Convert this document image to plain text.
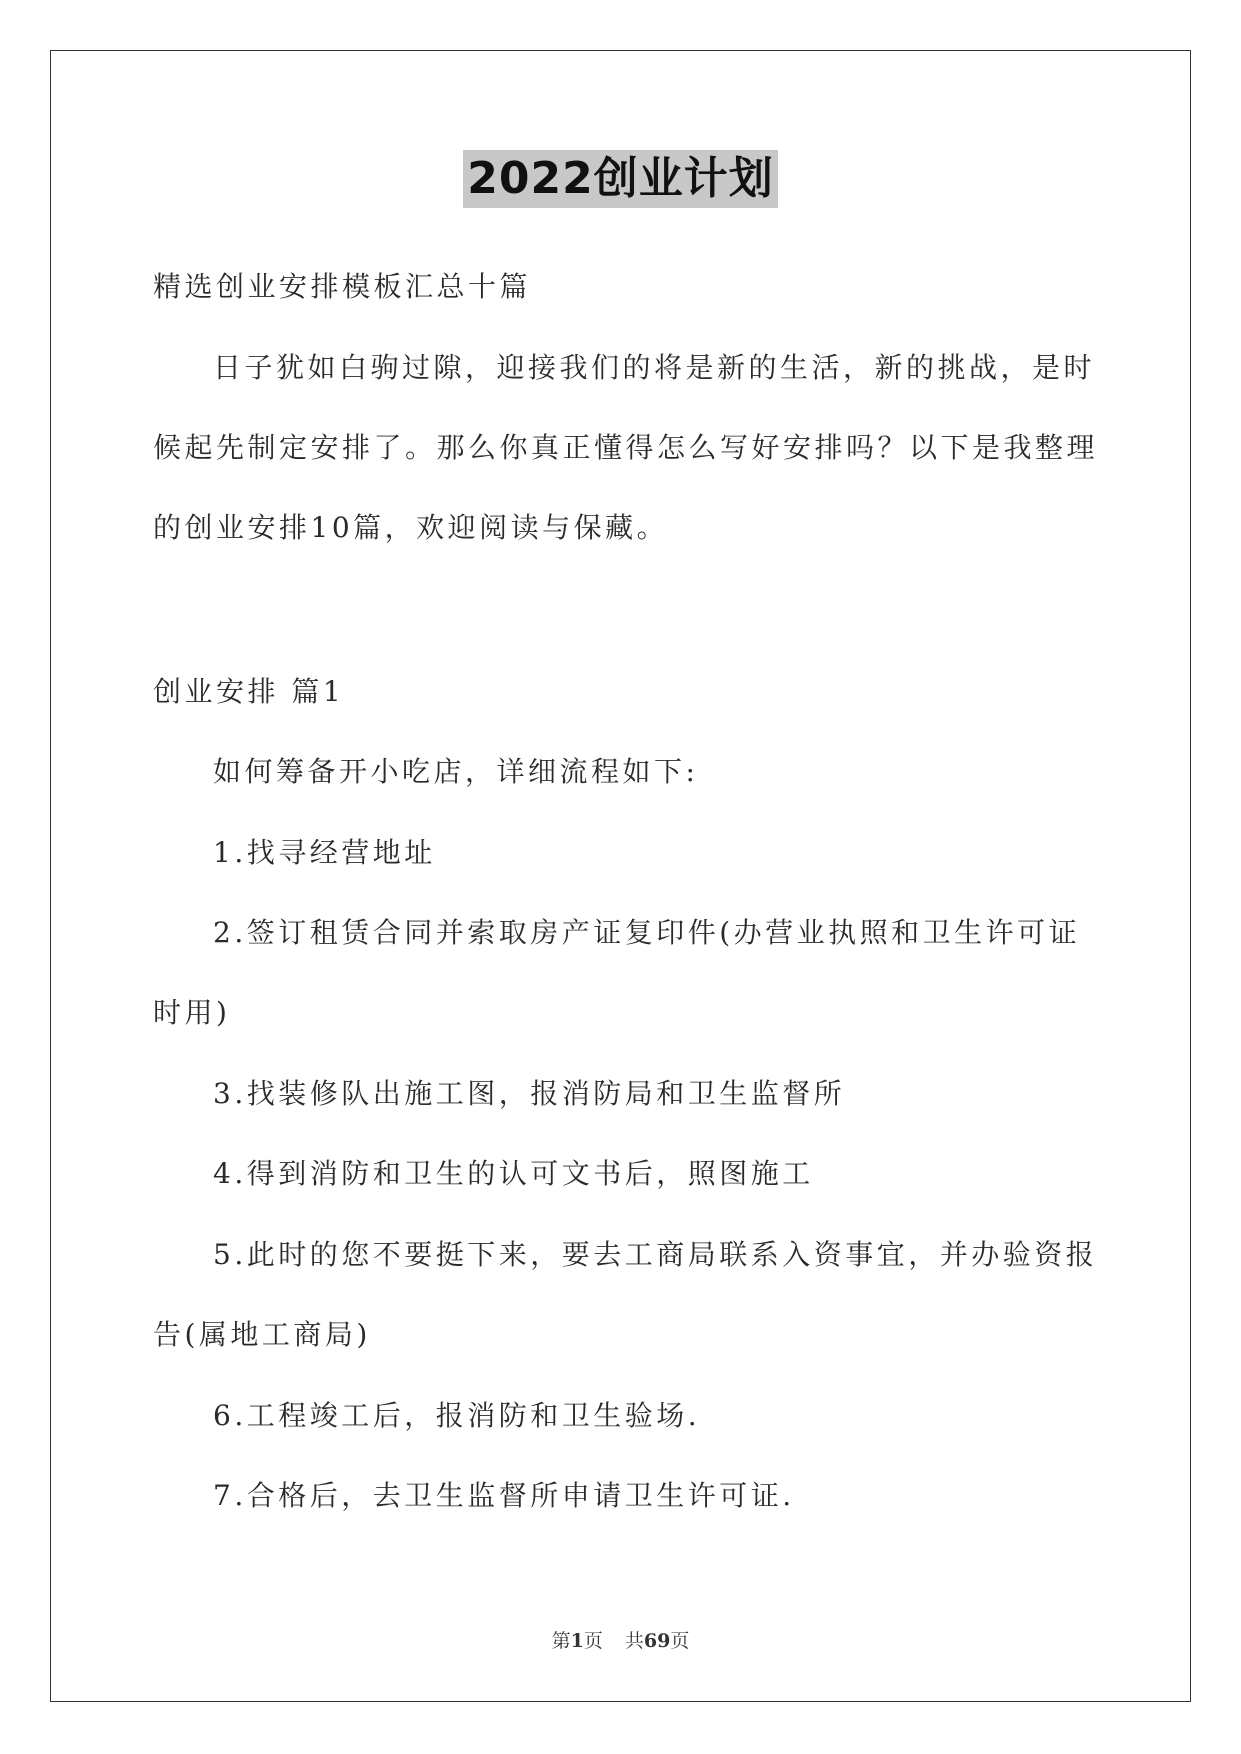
2022创业计划
精选创业安排模板汇总十篇
日子犹如白驹过隙，迎接我们的将是新的生活，新的挑战，是时
候起先制定安排了。那么你真正懂得怎么写好安排吗？以下是我整理
的创业安排10篇，欢迎阅读与保藏。
创业安排 篇1
如何筹备开小吃店，详细流程如下:
1.找寻经营地址
2.签订租赁合同并索取房产证复印件(办营业执照和卫生许可证
时用)
3.找装修队出施工图，报消防局和卫生监督所
4.得到消防和卫生的认可文书后，照图施工
5.此时的您不要挺下来，要去工商局联系入资事宜，并办验资报
告(属地工商局)
6.工程竣工后，报消防和卫生验场.
7.合格后，去卫生监督所申请卫生许可证.
第1页 共69页
